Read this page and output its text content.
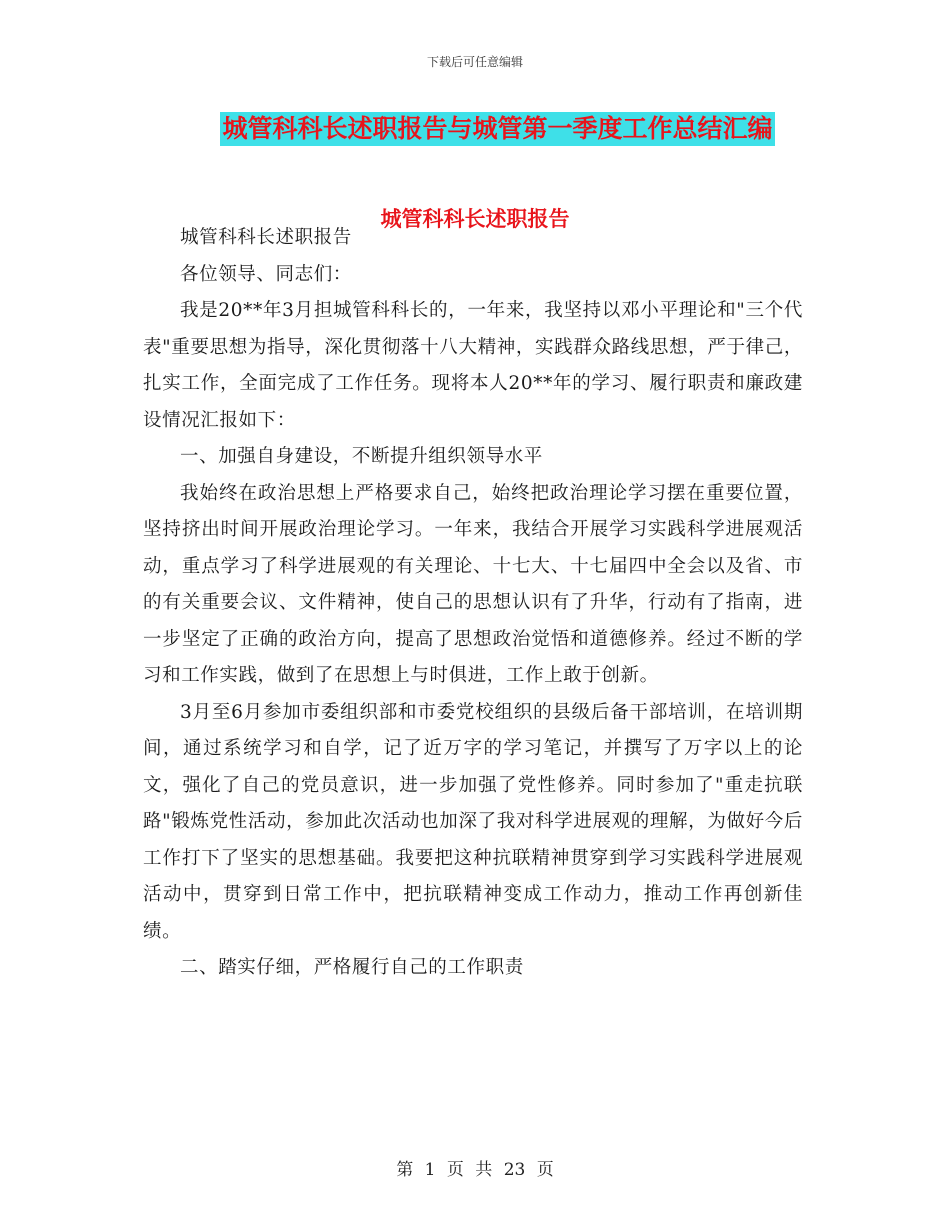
下载后可任意编辑
城管科科长述职报告与城管第一季度工作总结汇编
城管科科长述职报告

城管科科长述职报告

各位领导、同志们：

我是20**年3月担城管科科长的，一年来，我坚持以邓小平理论和"三个代表"重要思想为指导，深化贯彻落十八大精神，实践群众路线思想，严于律己，扎实工作，全面完成了工作任务。现将本人20**年的学习、履行职责和廉政建设情况汇报如下：

一、加强自身建设，不断提升组织领导水平

我始终在政治思想上严格要求自己，始终把政治理论学习摆在重要位置，坚持挤出时间开展政治理论学习。一年来，我结合开展学习实践科学进展观活动，重点学习了科学进展观的有关理论、十七大、十七届四中全会以及省、市的有关重要会议、文件精神，使自己的思想认识有了升华，行动有了指南，进一步坚定了正确的政治方向，提高了思想政治觉悟和道德修养。经过不断的学习和工作实践，做到了在思想上与时俱进，工作上敢于创新。

3月至6月参加市委组织部和市委党校组织的县级后备干部培训，在培训期间，通过系统学习和自学，记了近万字的学习笔记，并撰写了万字以上的论文，强化了自己的党员意识，进一步加强了党性修养。同时参加了"重走抗联路"锻炼党性活动，参加此次活动也加深了我对科学进展观的理解，为做好今后工作打下了坚实的思想基础。我要把这种抗联精神贯穿到学习实践科学进展观活动中，贯穿到日常工作中，把抗联精神变成工作动力，推动工作再创新佳绩。

二、踏实仔细，严格履行自己的工作职责

第 1 页 共 23 页
